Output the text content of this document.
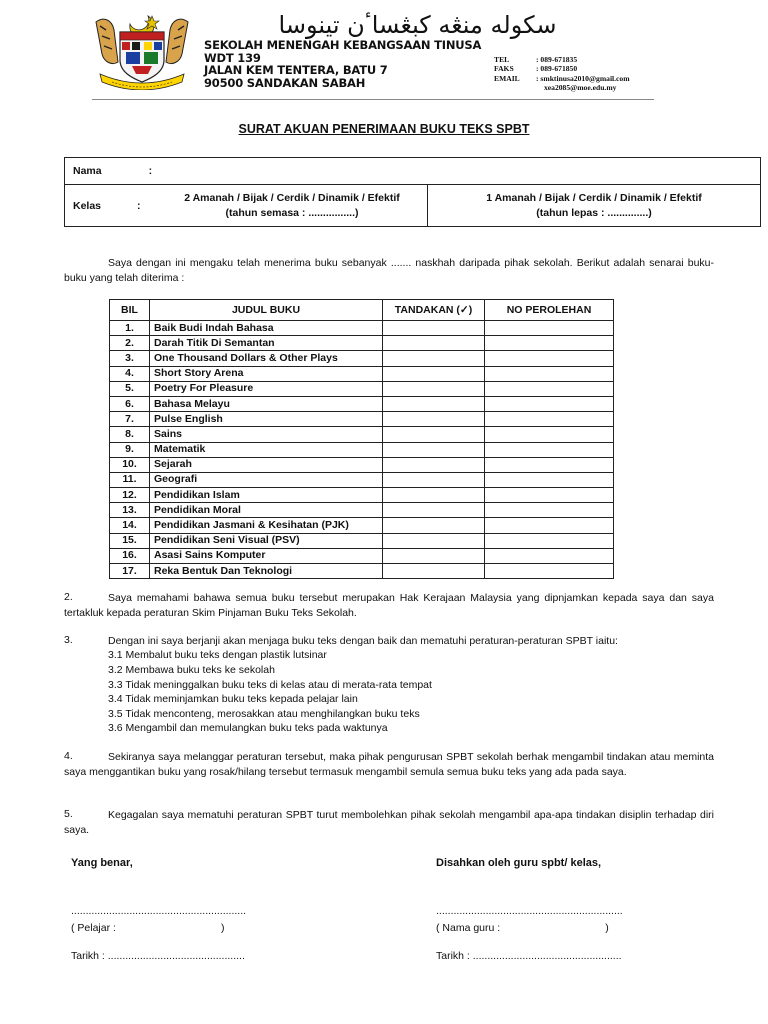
سکوله منڠه کبڠسا‌ٴن تينوسا
SEKOLAH MENENGAH KEBANGSAAN TINUSA
WDT 139
JALAN KEM TENTERA, BATU 7
90500 SANDAKAN SABAH
TEL	: 089-671835
FAKS	: 089-671850
EMAIL	: smktinusa2010@gmail.com
xea2085@moe.edu.my
SURAT AKUAN PENERIMAAN BUKU TEKS SPBT
Nama	:

Kelas	:
2 Amanah / Bijak / Cerdik / Dinamik / Efektif
(tahun semasa : ................)

1 Amanah / Bijak / Cerdik / Dinamik / Efektif
(tahun lepas : ..............)
Saya dengan ini mengaku telah menerima buku sebanyak ....... naskhah daripada pihak sekolah. Berikut adalah senarai buku-buku yang telah diterima :
BIL	JUDUL BUKU	TANDAKAN (✓)	NO PEROLEHAN
1.	Baik Budi Indah Bahasa		
2.	Darah Titik Di Semantan		
3.	One Thousand Dollars & Other Plays		
4.	Short Story Arena		
5.	Poetry For Pleasure		
6.	Bahasa Melayu		
7.	Pulse English		
8.	Sains		
9.	Matematik		
10.	Sejarah		
11.	Geografi		
12.	Pendidikan Islam		
13.	Pendidikan Moral		
14.	Pendidikan Jasmani & Kesihatan (PJK)		
15.	Pendidikan Seni Visual (PSV)		
16.	Asasi Sains Komputer		
17.	Reka Bentuk Dan Teknologi		
2.	Saya memahami bahawa semua buku tersebut merupakan Hak Kerajaan Malaysia yang dipnjamkan kepada saya dan saya tertakluk kepada peraturan Skim Pinjaman Buku Teks Sekolah.
3.	Dengan ini saya berjanji akan menjaga buku teks dengan baik dan mematuhi peraturan-peraturan SPBT iaitu:
3.1 Membalut buku teks dengan plastik lutsinar
3.2 Membawa buku teks ke sekolah
3.3 Tidak meninggalkan buku teks di kelas atau di merata-rata tempat
3.4 Tidak meminjamkan buku teks kepada pelajar lain
3.5 Tidak menconteng, merosakkan atau menghilangkan buku teks
3.6 Mengambil dan memulangkan buku teks pada waktunya
4.	Sekiranya saya melanggar peraturan tersebut, maka pihak pengurusan SPBT sekolah berhak mengambil tindakan atau meminta saya menggantikan buku yang rosak/hilang tersebut termasuk mengambil semula semua buku teks yang ada pada saya.
5.	Kegagalan saya mematuhi peraturan SPBT turut membolehkan pihak sekolah mengambil apa-apa tindakan disiplin terhadap diri saya.
Yang benar,
............................................................
( Pelajar :                                    )
Tarikh : ...............................................
Disahkan oleh guru spbt/ kelas,
................................................................
( Nama guru :                                    )
Tarikh : ...................................................
